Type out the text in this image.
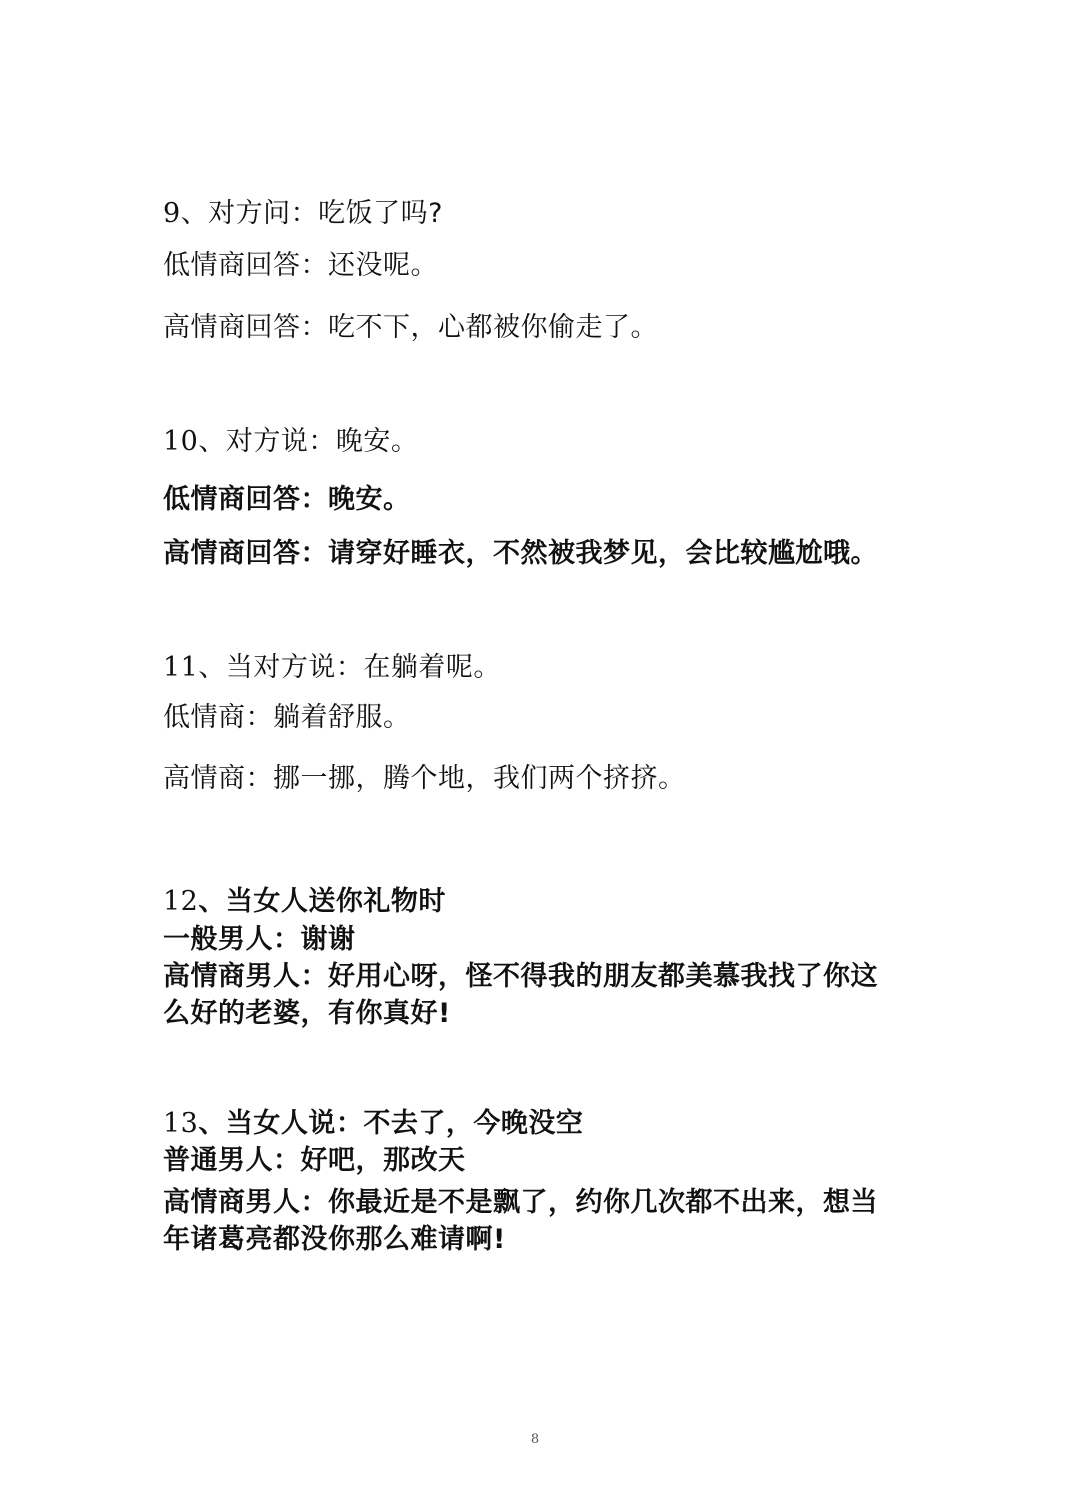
9、对方问：吃饭了吗?
低情商回答：还没呢。
高情商回答：吃不下，心都被你偷走了。
10、对方说：晚安。
低情商回答：晚安。
高情商回答：请穿好睡衣，不然被我梦见，会比较尴尬哦。
11、当对方说：在躺着呢。
低情商：躺着舒服。
高情商：挪一挪，腾个地，我们两个挤挤。
12、当女人送你礼物时
一般男人：谢谢
高情商男人：好用心呀，怪不得我的朋友都美慕我找了你这
么好的老婆，有你真好!
13、当女人说：不去了，今晚没空
普通男人：好吧，那改天
高情商男人：你最近是不是飘了，约你几次都不出来，想当
年诸葛亮都没你那么难请啊!
8
